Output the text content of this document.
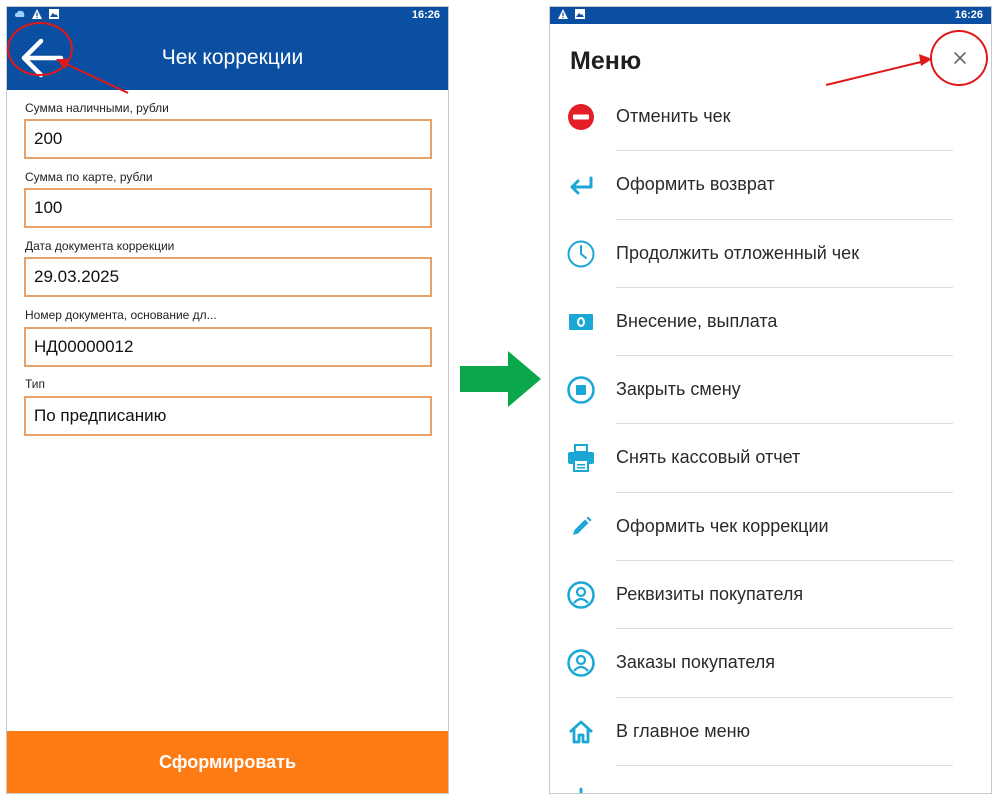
16:26
Чек коррекции
Сумма наличными, рубли
200
Сумма по карте, рубли
100
Дата документа коррекции
29.03.2025
Номер документа, основание дл...
НД00000012
Тип
По предписанию
Сформировать
16:26
Меню
Отменить чек
Оформить возврат
Продолжить отложенный чек
Внесение, выплата
Закрыть смену
Снять кассовый отчет
Оформить чек коррекции
Реквизиты покупателя
Заказы покупателя
В главное меню
